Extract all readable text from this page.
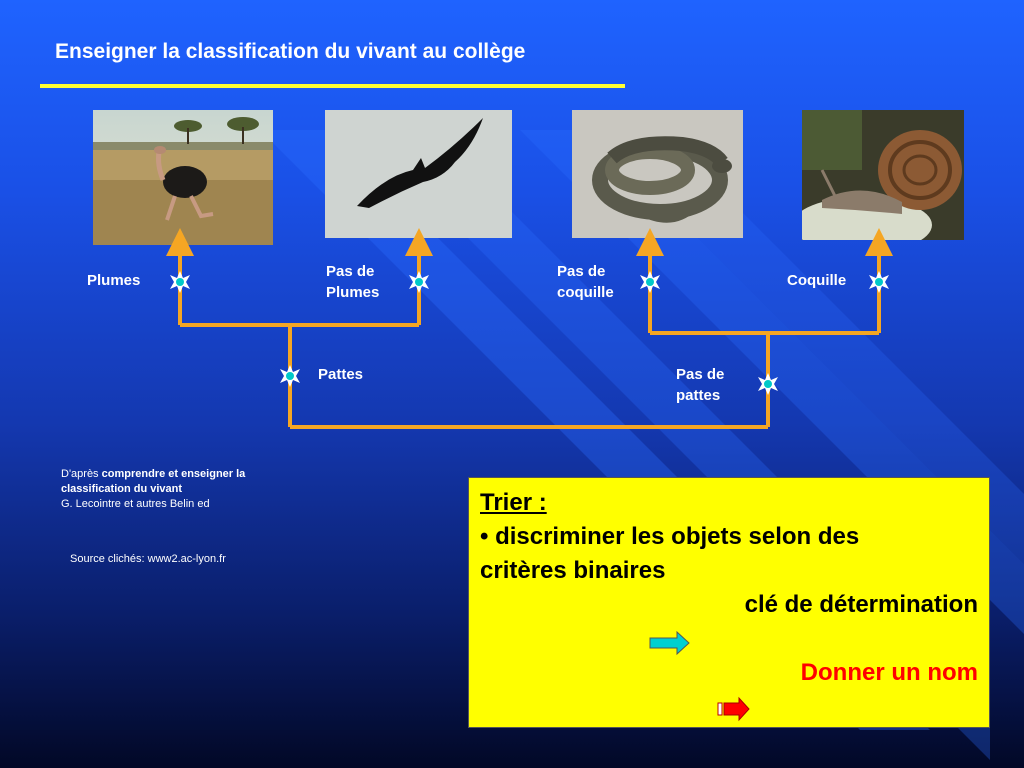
Enseigner la classification du vivant au collège
Plumes
Pas de
Plumes
Pas de
coquille
Coquille
Pattes	Pas de
pattes
D'après comprendre et enseigner la classification du vivant
G. Lecointre et autres Belin ed
Source clichés: www2.ac-lyon.fr
Trier :
• discriminer les objets selon des
critères binaires
clé de détermination
Donner un nom
